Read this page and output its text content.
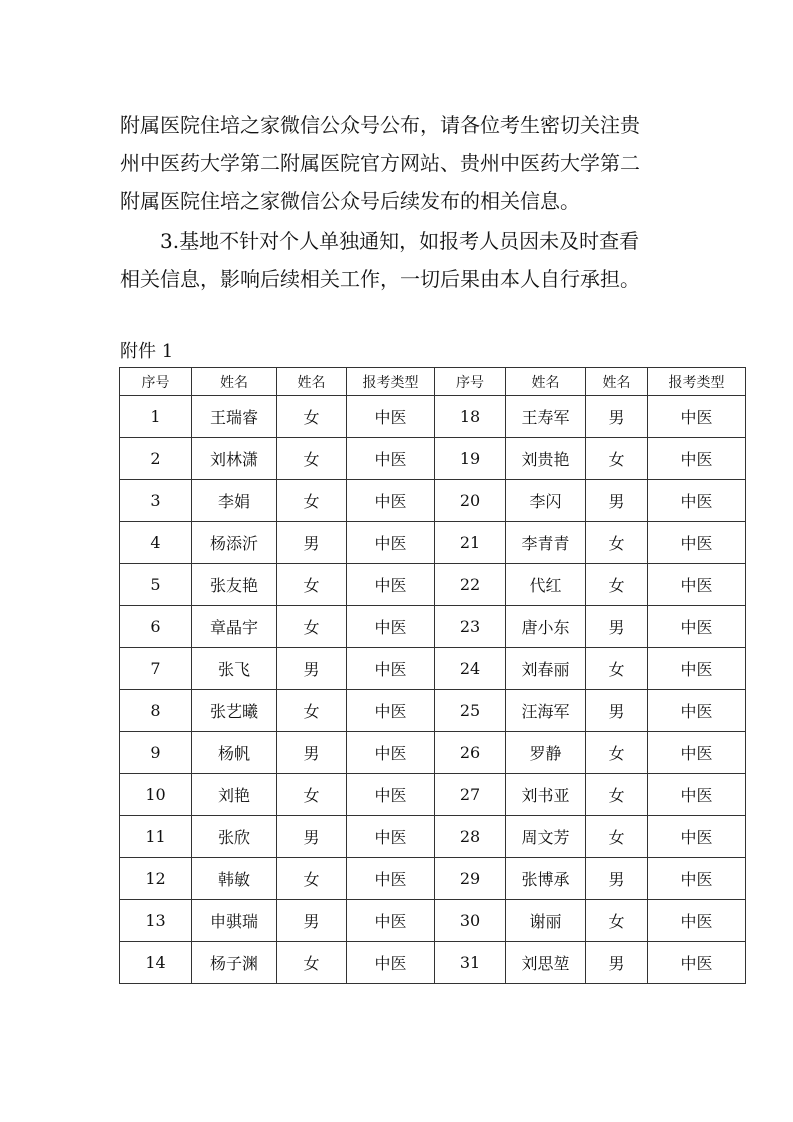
附属医院住培之家微信公众号公布，请各位考生密切关注贵
州中医药大学第二附属医院官方网站、贵州中医药大学第二
附属医院住培之家微信公众号后续发布的相关信息。
3.基地不针对个人单独通知，如报考人员因未及时查看
相关信息，影响后续相关工作，一切后果由本人自行承担。
附件 1
序号	姓名	姓名	报考类型	序号	姓名	姓名	报考类型
1	王瑞睿	女	中医	18	王寿军	男	中医
2	刘林潇	女	中医	19	刘贵艳	女	中医
3	李娟	女	中医	20	李闪	男	中医
4	杨添沂	男	中医	21	李青青	女	中医
5	张友艳	女	中医	22	代红	女	中医
6	章晶宇	女	中医	23	唐小东	男	中医
7	张飞	男	中医	24	刘春丽	女	中医
8	张艺曦	女	中医	25	汪海军	男	中医
9	杨帆	男	中医	26	罗静	女	中医
10	刘艳	女	中医	27	刘书亚	女	中医
11	张欣	男	中医	28	周文芳	女	中医
12	韩敏	女	中医	29	张博承	男	中医
13	申骐瑞	男	中医	30	谢丽	女	中医
14	杨子渊	女	中医	31	刘思堃	男	中医
